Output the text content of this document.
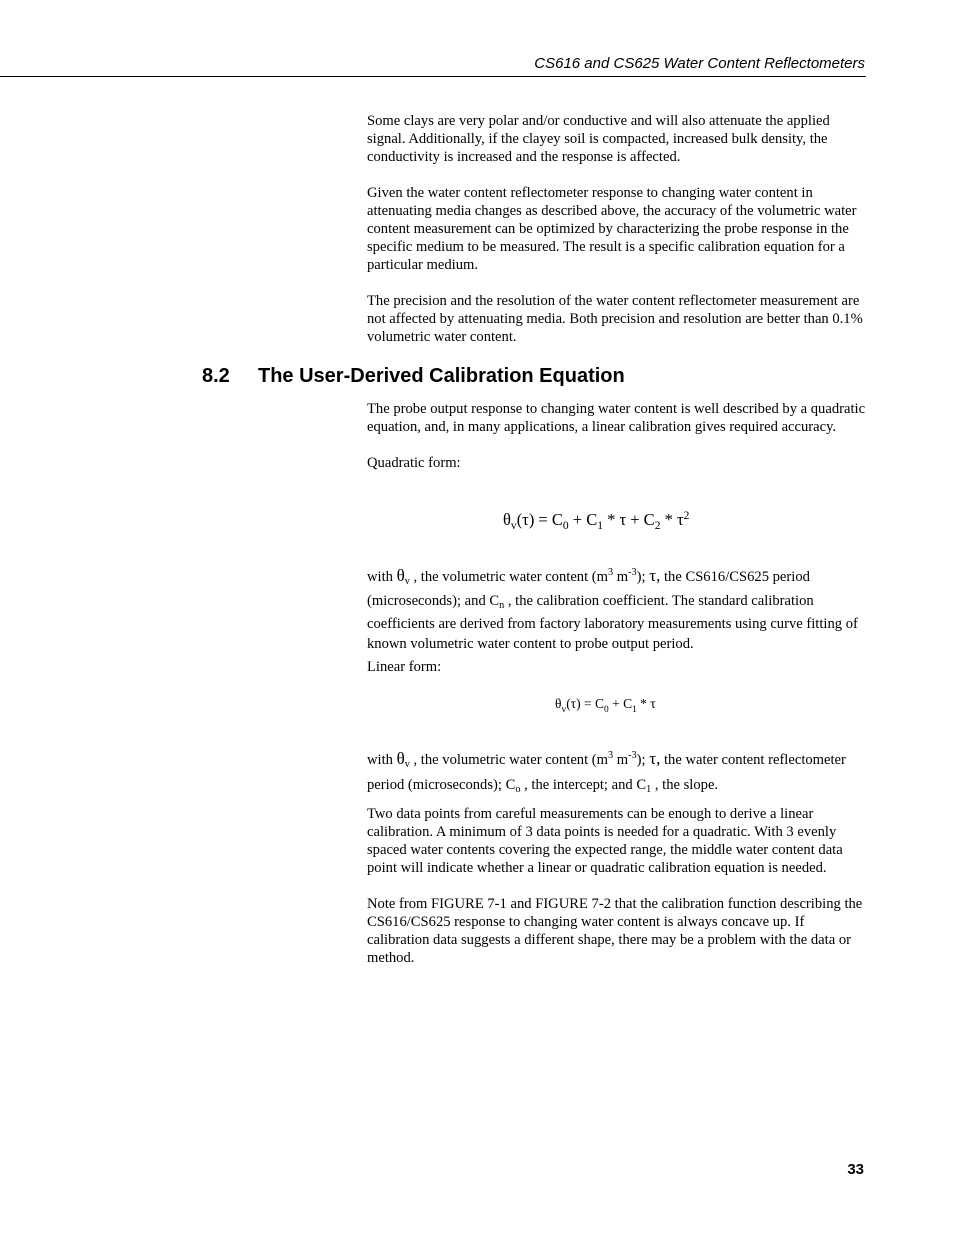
CS616 and CS625 Water Content Reflectometers

Some clays are very polar and/or conductive and will also attenuate the applied signal. Additionally, if the clayey soil is compacted, increased bulk density, the conductivity is increased and the response is affected.

Given the water content reflectometer response to changing water content in attenuating media changes as described above, the accuracy of the volumetric water content measurement can be optimized by characterizing the probe response in the specific medium to be measured. The result is a specific calibration equation for a particular medium.

The precision and the resolution of the water content reflectometer measurement are not affected by attenuating media. Both precision and resolution are better than 0.1% volumetric water content.

8.2 The User-Derived Calibration Equation

The probe output response to changing water content is well described by a quadratic equation, and, in many applications, a linear calibration gives required accuracy.

Quadratic form:

$\theta_v(\tau) = C_0 + C_1 * \tau + C_2 * \tau^2$

with $\theta_v$ , the volumetric water content ($m^3$ $m^{-3}$); τ, the CS616/CS625 period (microseconds); and $C_n$ , the calibration coefficient. The standard calibration coefficients are derived from factory laboratory measurements using curve fitting of known volumetric water content to probe output period.

Linear form:

$\theta_v(\tau) = C_0 + C_1 * \tau$

with $\theta_v$ , the volumetric water content ($m^3$ $m^{-3}$); τ, the water content reflectometer period (microseconds); $C_o$ , the intercept; and $C_1$ , the slope.

Two data points from careful measurements can be enough to derive a linear calibration. A minimum of 3 data points is needed for a quadratic. With 3 evenly spaced water contents covering the expected range, the middle water content data point will indicate whether a linear or quadratic calibration equation is needed.

Note from FIGURE 7-1 and FIGURE 7-2 that the calibration function describing the CS616/CS625 response to changing water content is always concave up. If calibration data suggests a different shape, there may be a problem with the data or method.

33
